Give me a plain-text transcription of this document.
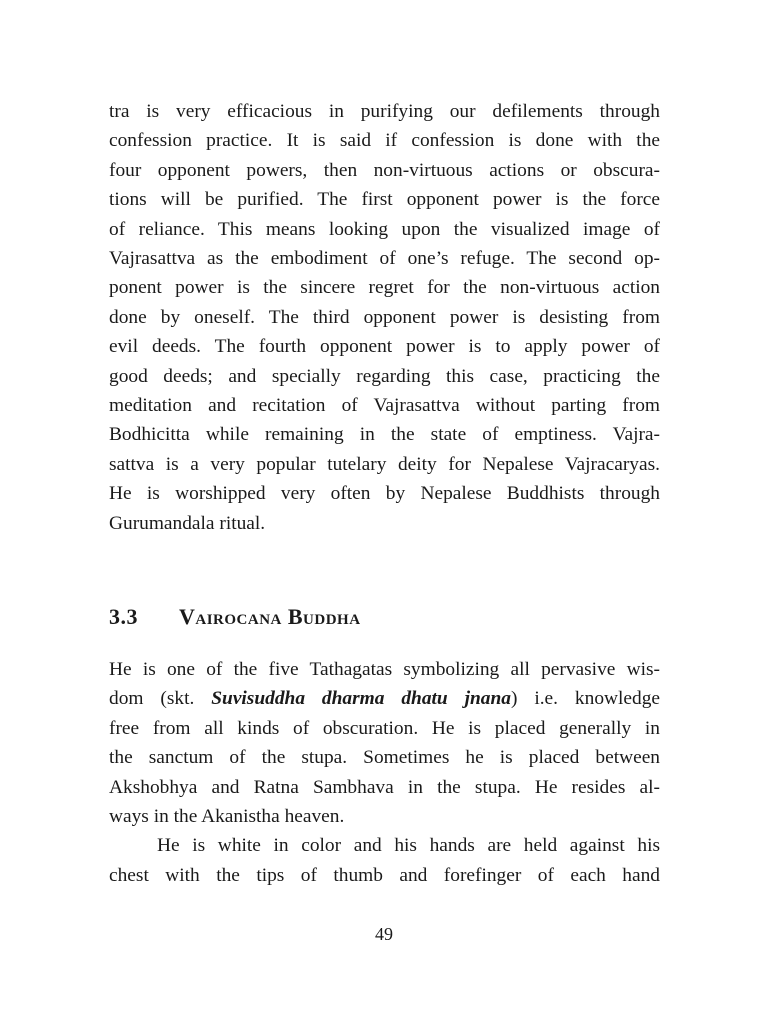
tra is very efficacious in purifying our defilements through
confession practice. It is said if confession is done with the
four opponent powers, then non-virtuous actions or obscura-
tions will be purified. The first opponent power is the force
of reliance. This means looking upon the visualized image of
Vajrasattva as the embodiment of one’s refuge. The second op-
ponent power is the sincere regret for the non-virtuous action
done by oneself. The third opponent power is desisting from
evil deeds. The fourth opponent power is to apply power of
good deeds; and specially regarding this case, practicing the
meditation and recitation of Vajrasattva without parting from
Bodhicitta while remaining in the state of emptiness. Vajra-
sattva is a very popular tutelary deity for Nepalese Vajracaryas.
He is worshipped very often by Nepalese Buddhists through
Gurumandala ritual.

3.3 Vairocana Buddha

He is one of the five Tathagatas symbolizing all pervasive wis-
dom (skt. Suvisuddha dharma dhatu jnana) i.e. knowledge
free from all kinds of obscuration. He is placed generally in
the sanctum of the stupa. Sometimes he is placed between
Akshobhya and Ratna Sambhava in the stupa. He resides al-
ways in the Akanistha heaven.

He is white in color and his hands are held against his
chest with the tips of thumb and forefinger of each hand

49
